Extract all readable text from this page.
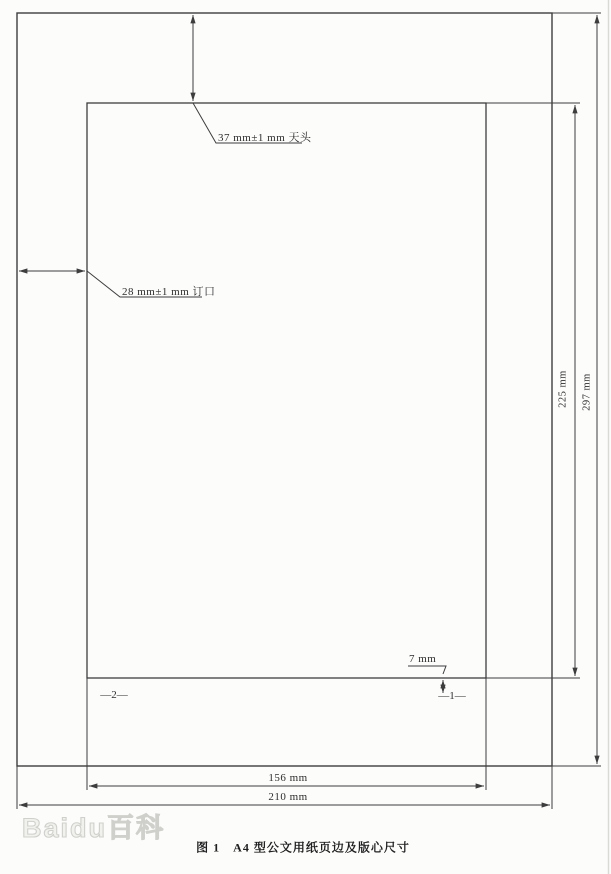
37 mm±1 mm 天头
28 mm±1 mm 订口
225 mm 297 mm
7 mm
—1—
—2—
156 mm
210 mm
图 1　A4 型公文用纸页边及版心尺寸
Baidu百科
